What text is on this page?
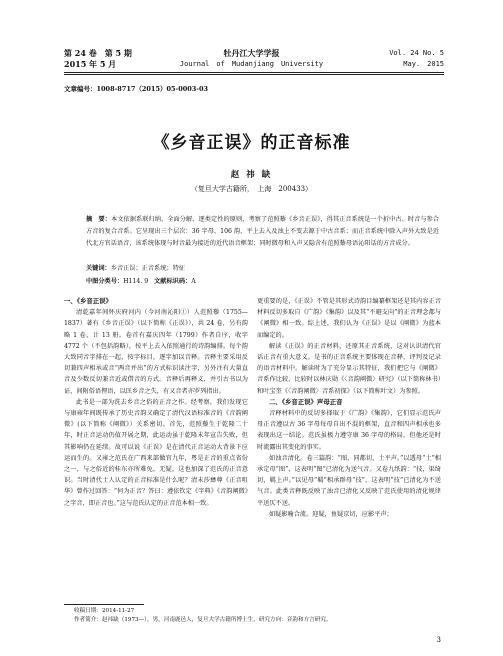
第 24 卷　第 5 期
2015 年 5 月
牡丹江大学学报
Journal　of　Mudanjiang　University
Vol. 24 No. 5
May.　2015
文章编号：1008-8717（2015）05-0003-03
《乡音正误》的正音标准
赵 祎 缺
（复旦大学古籍所，　上海　200433）
摘　要：本文依据系联归纳、全面分解、逐类定性的原则，考察了范照藜《乡音正误》，得其正音系统是一个折中古、时音与参合方音的复合音系。它呈现出三个层次：36 字母、106 韵、平上去入及浊上不变去源于中古音系；而正音系统中除入声外大致是近代北方官话语音，该系统体现与时音最为接近的近代语音框架；同时微母和入声又隐含有范照藜母语沁阳话的方音成分。
关键词：乡音正误；正音系统；特征
中图分类号：H114. 9 文献标识码：A
一、《乡音正误》

清乾嘉年间怀庆府河内（今河南沁阳①）人范照藜（1755—1837）著有《乡音正误》（以下简称《正误》），共 24 卷，另有韵略 1 卷，计 13 册。卷首有嘉庆四年（1799）作者自序，收字 4772 个（不包括韵略），按平上去入依照通行的诗韵编排。每个韵大致同音字排在一起，按字标目，逐字加以音释。音释主要采用反切兼四声相承或音“两音并出”的方式标识读注字，另外注有大量直音及少数反切兼音近或借音的方式。音释后再释义，并引古书以为证，间附俗语俚语，以匡乡音之失，有又音者亦罗列指出。

此书是一部为洗去乡音之俗的正音之作。经考察，我们发现它与康雍年间既传承了历史音韵又确定了清代汉语标准音的《音韵阐微》(以下简称《阐微》）关系密切。首先，范照藜生于乾隆二十年，时正音运动仍值开展之期，此运动虽于乾隆末年宣告失败，但其影响仍在延续。故可以说《正误》是在清代正音运动大背景下应运而生的。又雍之范氏在广西来部做官九年，粤是正音的重点省份之一，与之俗近的桂东亦所难免。无疑，这也加深了范氏的正音意识。当时清代士人认定的正音标准是什么呢？清末莎彝尊《正音咀华》曾作过回答：“何为正音？答曰：遵依钦定《字典》《音韵阐微》之字音，即正音也。”这与范氏认定的正音范本相一致。

更重要的是，《正误》不管是其形式诗韵目编纂框架还是其内容正音材料反切多取自《广韵》《集韵》以及其“不避支向”的正音理念都与《阐微》相一致。综上述，我们认为《正误》是以《阐微》为蓝本而编定的。

解读《正误》的正音材料，还原其正音系统，这对认识清代官话正音有重大意义。是书的正音系统主要体现在音释、评判及记录的语音材料中。解读时为了充分显示其特征，我们把它与《阐微》音系作比较，比较时以林庆勋《〈音韵阐微〉研究》（以下简称林书）和叶宝奎《〈音韵阐微〉音系初探》（以下简称叶文）为参照。

二、《乡音正误》声母正音

音释材料中的反切多择取于《广韵》《集韵》，它们显示范氏声母正音遵以古 36 字母每母自出不混的框架，直音和四声相承也多表现出这一结论。范氏虽极力遵守康 36 字母的格局，但他还是时时流露出其变化的事实。

如浊音清化。卷三篇韵：“图，同都切，土平声。”以透母“土”相承定母“图”，这表明“图”已清化为送气音。又卷九纸韵：“技，渠绮切，羁上声。”以见母“羁”相承群母“技”，这表明“技”已清化为不送气音。此类音释既反映了浊音已清化又反映了范氏使用的清化规律平送仄不送。

如疑影喻合流。迎疑，鱼疑京切，应影平声；

收稿日期：2014-11-27
作者简介：赵祎缺（1973—），男，河南鹿邑人，复旦大学古籍所博士生，研究方向：音韵和方言研究。
3
